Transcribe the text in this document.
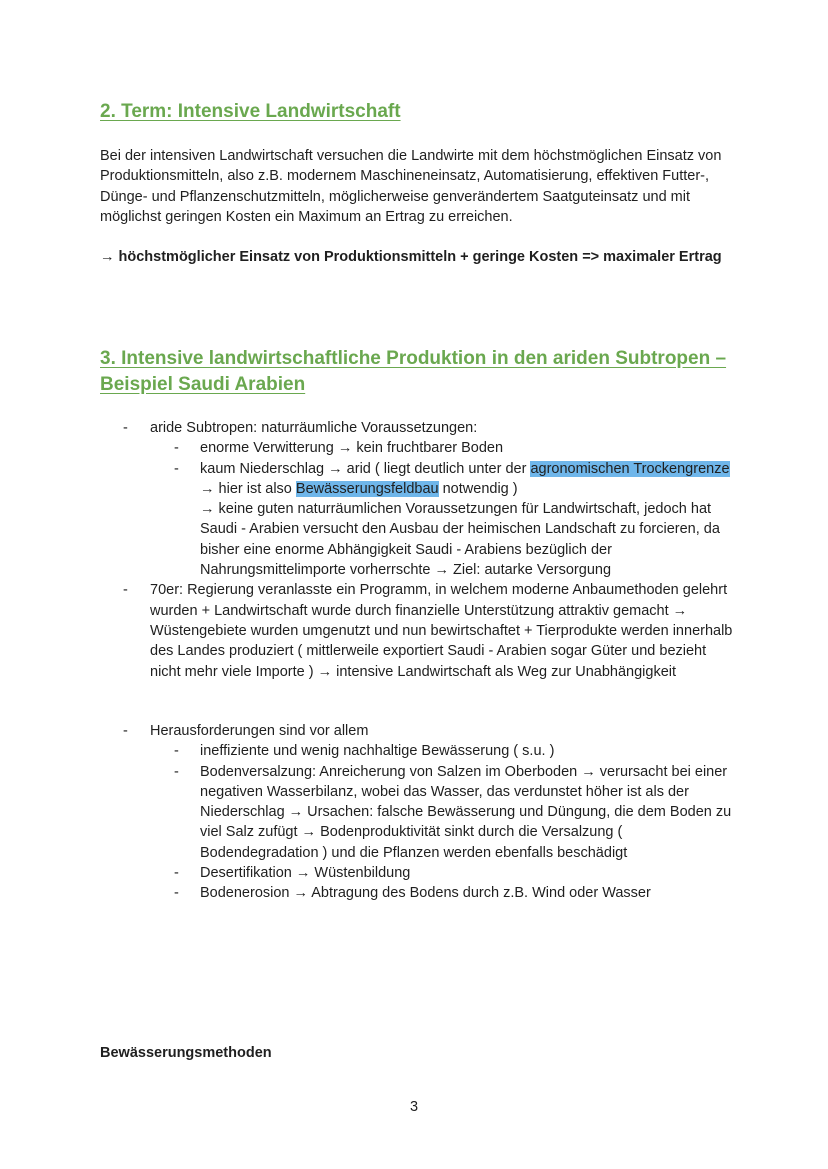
2. Term: Intensive Landwirtschaft

Bei der intensiven Landwirtschaft versuchen die Landwirte mit dem höchstmöglichen Einsatz von Produktionsmitteln, also z.B. modernem Maschineneinsatz, Automatisierung, effektiven Futter-, Dünge- und Pflanzenschutzmitteln, möglicherweise genverändertem Saatguteinsatz und mit möglichst geringen Kosten ein Maximum an Ertrag zu erreichen.

→ höchstmöglicher Einsatz von Produktionsmitteln + geringe Kosten => maximaler Ertrag

3. Intensive landwirtschaftliche Produktion in den ariden Subtropen – Beispiel Saudi Arabien
- aride Subtropen: naturräumliche Voraussetzungen:
- enorme Verwitterung → kein fruchtbarer Boden
- kaum Niederschlag → arid ( liegt deutlich unter der agronomischen Trockengrenze → hier ist also Bewässerungsfeldbau notwendig )
→ keine guten naturräumlichen Voraussetzungen für Landwirtschaft, jedoch hat Saudi - Arabien versucht den Ausbau der heimischen Landschaft zu forcieren, da bisher eine enorme Abhängigkeit Saudi - Arabiens bezüglich der Nahrungsmittelimporte vorherrschte → Ziel: autarke Versorgung
- 70er: Regierung veranlasste ein Programm, in welchem moderne Anbaumethoden gelehrt wurden + Landwirtschaft wurde durch finanzielle Unterstützung attraktiv gemacht → Wüstengebiete wurden umgenutzt und nun bewirtschaftet + Tierprodukte werden innerhalb des Landes produziert ( mittlerweile exportiert Saudi - Arabien sogar Güter und bezieht nicht mehr viele Importe ) → intensive Landwirtschaft als Weg zur Unabhängigkeit
- Herausforderungen sind vor allem
- ineffiziente und wenig nachhaltige Bewässerung ( s.u. )
- Bodenversalzung: Anreicherung von Salzen im Oberboden → verursacht bei einer negativen Wasserbilanz, wobei das Wasser, das verdunstet höher ist als der Niederschlag → Ursachen: falsche Bewässerung und Düngung, die dem Boden zu viel Salz zufügt → Bodenproduktivität sinkt durch die Versalzung ( Bodendegradation ) und die Pflanzen werden ebenfalls beschädigt
- Desertifikation → Wüstenbildung
- Bodenerosion → Abtragung des Bodens durch z.B. Wind oder Wasser

Bewässerungsmethoden

3
